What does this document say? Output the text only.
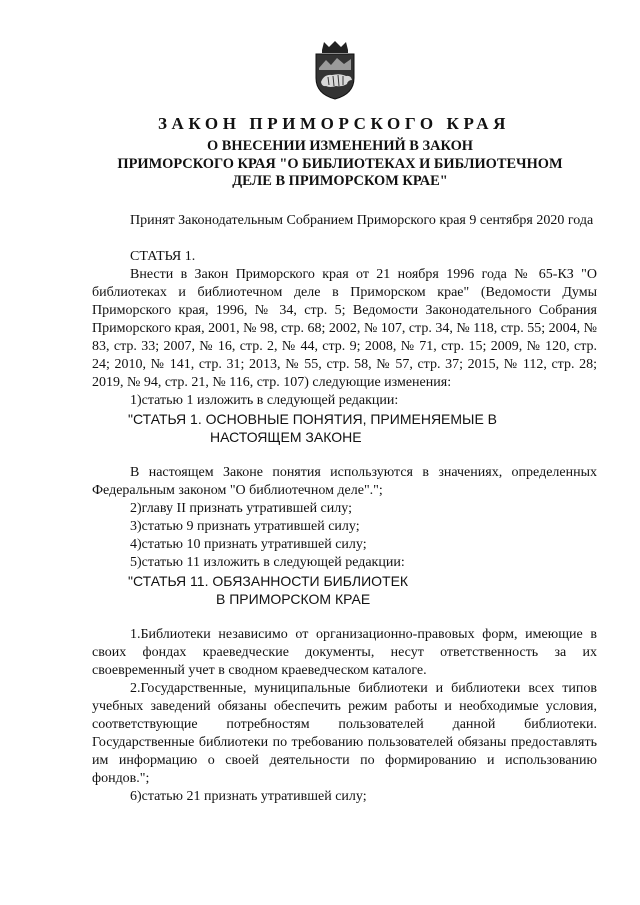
ЗАКОН ПРИМОРСКОГО КРАЯ
О ВНЕСЕНИИ ИЗМЕНЕНИЙ В ЗАКОН
ПРИМОРСКОГО КРАЯ "О БИБЛИОТЕКАХ И БИБЛИОТЕЧНОМ
ДЕЛЕ В ПРИМОРСКОМ КРАЕ"

Принят Законодательным Собранием Приморского края 9 сентября 2020 года

СТАТЬЯ 1.

Внести в Закон Приморского края от 21 ноября 1996 года № 65-КЗ "О библиотеках и библиотечном деле в Приморском крае" (Ведомости Думы Приморского края, 1996, № 34, стр. 5; Ведомости Законодательного Собрания Приморского края, 2001, № 98, стр. 68; 2002, № 107, стр. 34, № 118, стр. 55; 2004, № 83, стр. 33; 2007, № 16, стр. 2, № 44, стр. 9; 2008, № 71, стр. 15; 2009, № 120, стр. 24; 2010, № 141, стр. 31; 2013, № 55, стр. 58, № 57, стр. 37; 2015, № 112, стр. 28; 2019, № 94, стр. 21, № 116, стр. 107) следующие изменения:

1)статью 1 изложить в следующей редакции:
"СТАТЬЯ 1. ОСНОВНЫЕ ПОНЯТИЯ, ПРИМЕНЯЕМЫЕ В
НАСТОЯЩЕМ ЗАКОНЕ

В настоящем Законе понятия используются в значениях, определенных Федеральным законом "О библиотечном деле".";

2)главу II признать утратившей силу;
3)статью 9 признать утратившей силу;
4)статью 10 признать утратившей силу;
5)статью 11 изложить в следующей редакции:
"СТАТЬЯ 11. ОБЯЗАННОСТИ БИБЛИОТЕК
В ПРИМОРСКОМ КРАЕ

1.Библиотеки независимо от организационно-правовых форм, имеющие в своих фондах краеведческие документы, несут ответственность за их своевременный учет в сводном краеведческом каталоге.

2.Государственные, муниципальные библиотеки и библиотеки всех типов учебных заведений обязаны обеспечить режим работы и необходимые условия, соответствующие потребностям пользователей данной библиотеки. Государственные библиотеки по требованию пользователей обязаны предоставлять им информацию о своей деятельности по формированию и использованию фондов.";

6)статью 21 признать утратившей силу;
